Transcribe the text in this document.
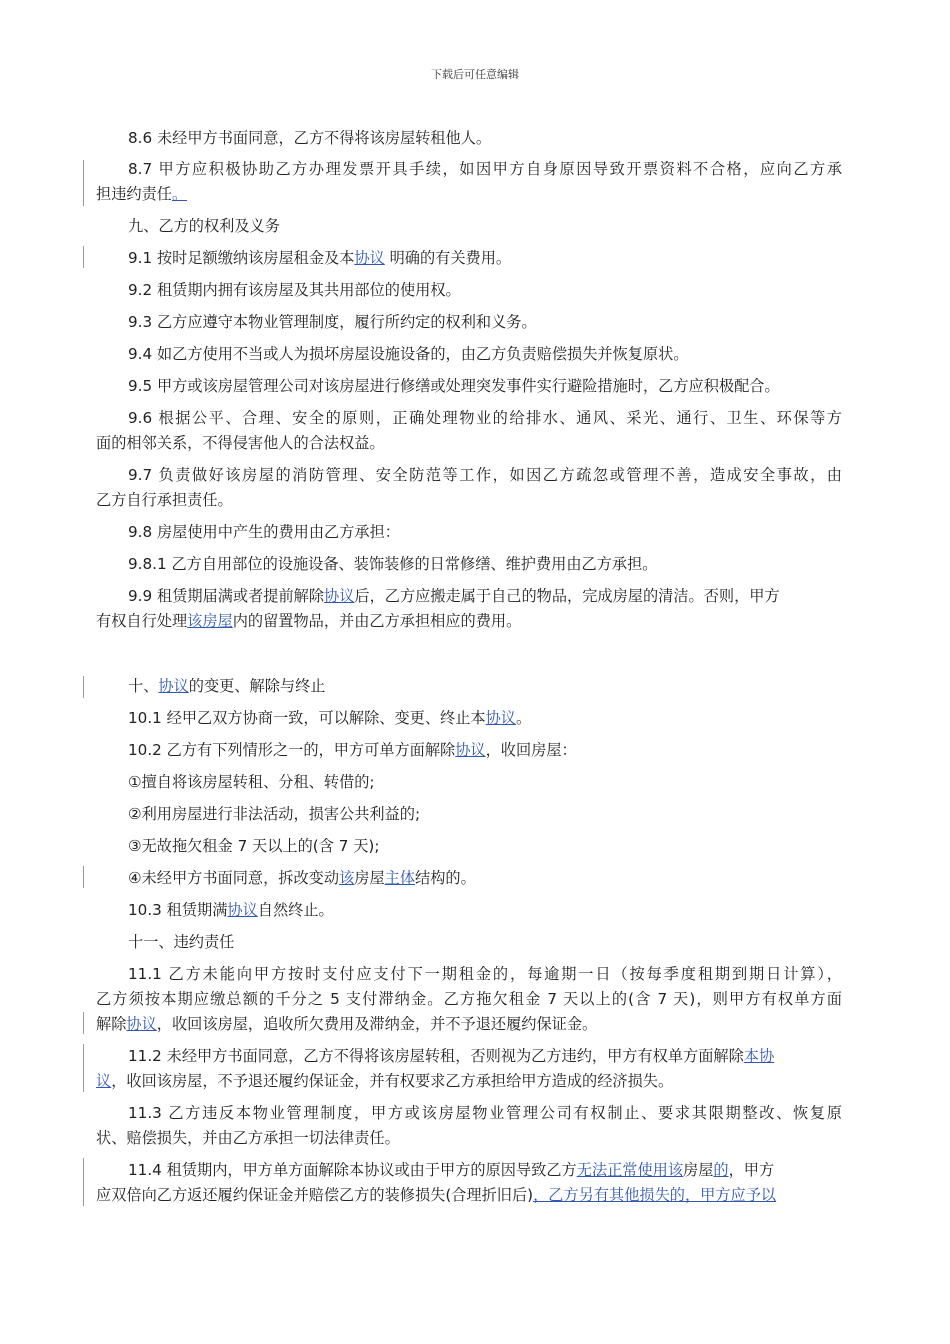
下载后可任意编辑
8.6 未经甲方书面同意，乙方不得将该房屋转租他人。
8.7 甲方应积极协助乙方办理发票开具手续，如因甲方自身原因导致开票资料不合格，应向乙方承
担违约责任。
九、乙方的权利及义务
9.1 按时足额缴纳该房屋租金及本协议 明确的有关费用。
9.2 租赁期内拥有该房屋及其共用部位的使用权。
9.3 乙方应遵守本物业管理制度，履行所约定的权利和义务。
9.4 如乙方使用不当或人为损坏房屋设施设备的，由乙方负责赔偿损失并恢复原状。
9.5 甲方或该房屋管理公司对该房屋进行修缮或处理突发事件实行避险措施时，乙方应积极配合。
9.6 根据公平、合理、安全的原则，正确处理物业的给排水、通风、采光、通行、卫生、环保等方
面的相邻关系，不得侵害他人的合法权益。
9.7 负责做好该房屋的消防管理、安全防范等工作，如因乙方疏忽或管理不善，造成安全事故，由
乙方自行承担责任。
9.8 房屋使用中产生的费用由乙方承担：
9.8.1 乙方自用部位的设施设备、装饰装修的日常修缮、维护费用由乙方承担。
9.9 租赁期届满或者提前解除协议后，乙方应搬走属于自己的物品，完成房屋的清洁。否则，甲方
有权自行处理该房屋内的留置物品，并由乙方承担相应的费用。
十、协议的变更、解除与终止
10.1 经甲乙双方协商一致，可以解除、变更、终止本协议。
10.2 乙方有下列情形之一的，甲方可单方面解除协议，收回房屋：
①擅自将该房屋转租、分租、转借的;
②利用房屋进行非法活动，损害公共利益的;
③无故拖欠租金 7 天以上的(含 7 天);
④未经甲方书面同意，拆改变动该房屋主体结构的。
10.3 租赁期满协议自然终止。
十一、违约责任
11.1 乙方未能向甲方按时支付应支付下一期租金的，每逾期一日（按每季度租期到期日计算），
乙方须按本期应缴总额的千分之 5 支付滞纳金。乙方拖欠租金 7 天以上的(含 7 天)，则甲方有权单方面
解除协议，收回该房屋，追收所欠费用及滞纳金，并不予退还履约保证金。
11.2 未经甲方书面同意，乙方不得将该房屋转租，否则视为乙方违约，甲方有权单方面解除本协
议，收回该房屋，不予退还履约保证金，并有权要求乙方承担给甲方造成的经济损失。
11.3 乙方违反本物业管理制度，甲方或该房屋物业管理公司有权制止、要求其限期整改、恢复原
状、赔偿损失，并由乙方承担一切法律责任。
11.4 租赁期内，甲方单方面解除本协议或由于甲方的原因导致乙方无法正常使用该房屋的，甲方
应双倍向乙方返还履约保证金并赔偿乙方的装修损失(合理折旧后)，乙方另有其他损失的，甲方应予以
